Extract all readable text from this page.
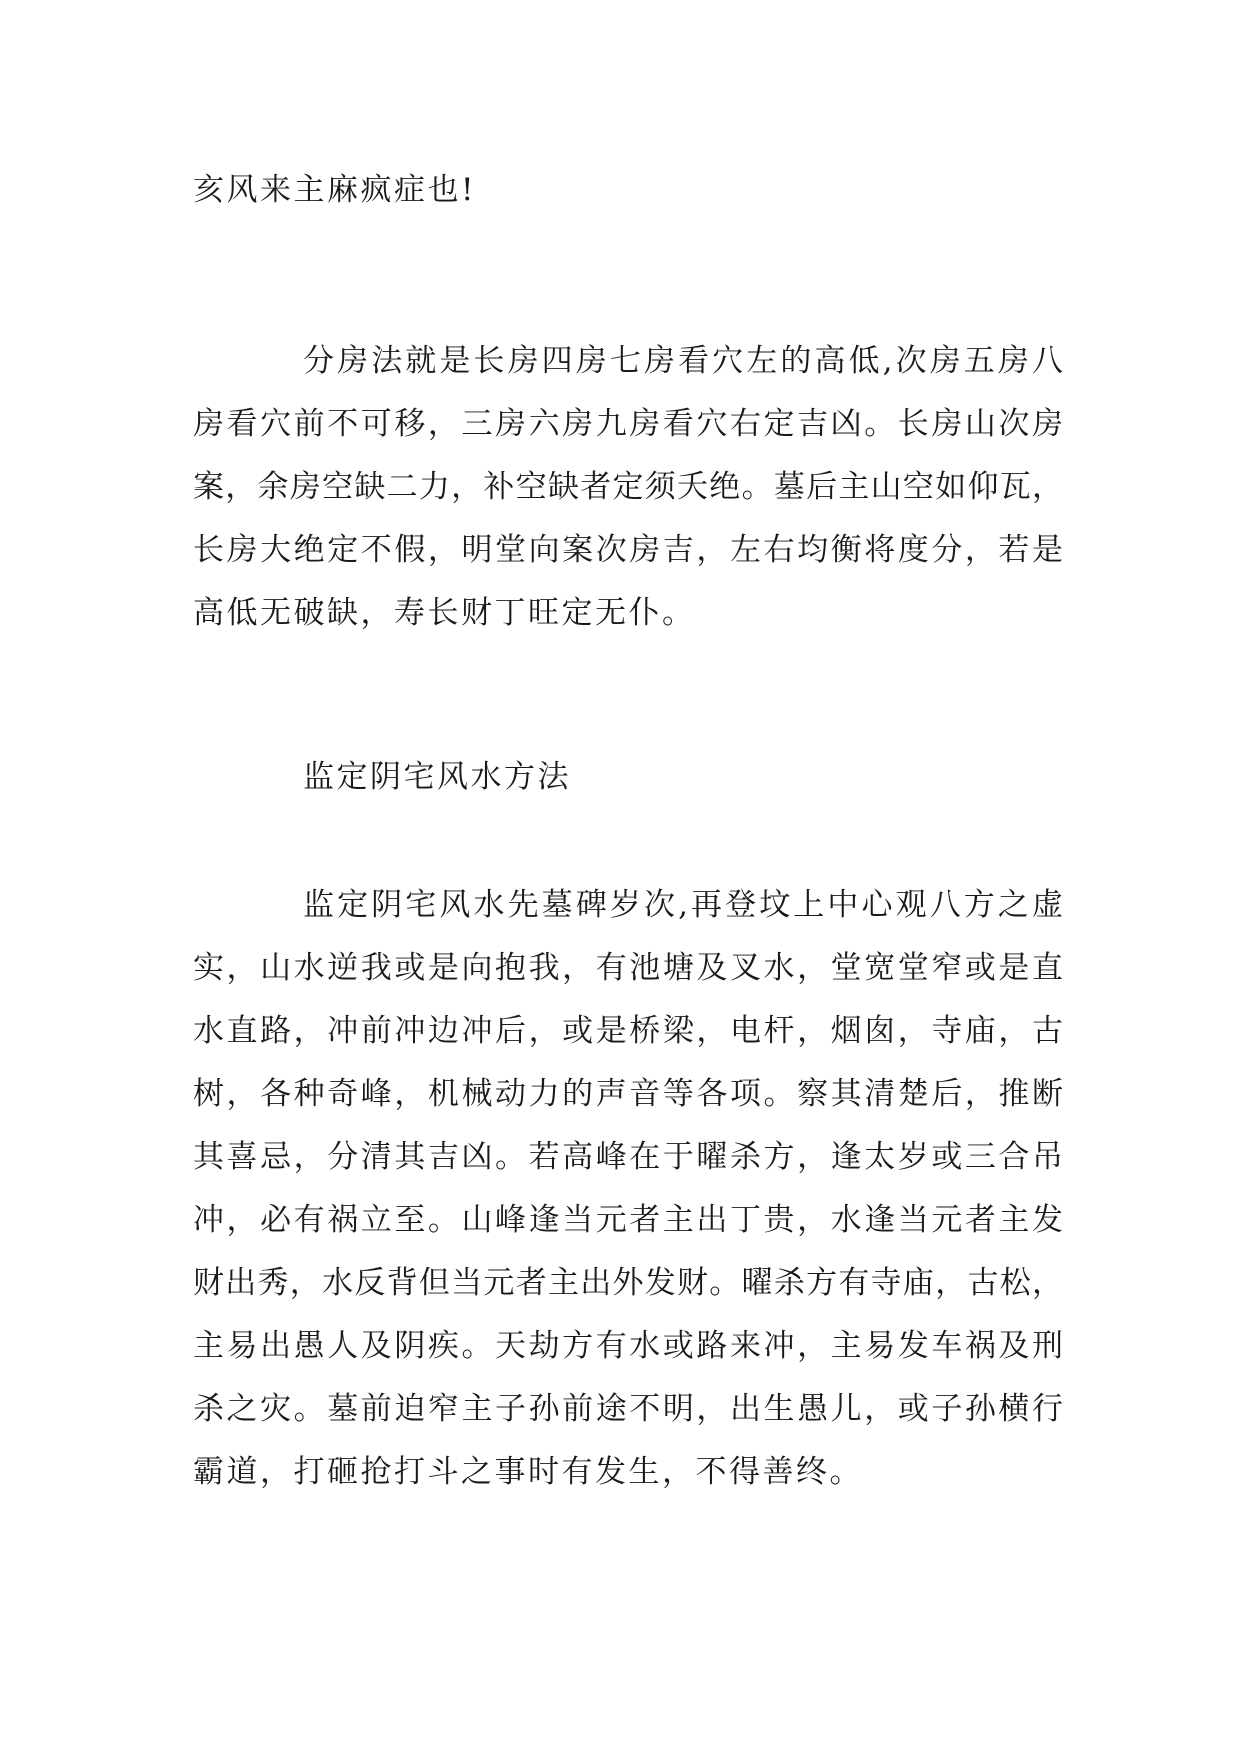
亥风来主麻疯症也!

分房法就是长房四房七房看穴左的高低,次房五房八

房看穴前不可移，三房六房九房看穴右定吉凶。长房山次房

案，余房空缺二力，补空缺者定须夭绝。墓后主山空如仰瓦，

长房大绝定不假，明堂向案次房吉，左右均衡将度分，若是

高低无破缺，寿长财丁旺定无仆。

监定阴宅风水方法

监定阴宅风水先墓碑岁次,再登坟上中心观八方之虚

实，山水逆我或是向抱我，有池塘及叉水，堂宽堂窄或是直

水直路，冲前冲边冲后，或是桥梁，电杆，烟囱，寺庙，古

树，各种奇峰，机械动力的声音等各项。察其清楚后，推断

其喜忌，分清其吉凶。若高峰在于曜杀方，逢太岁或三合吊

冲，必有祸立至。山峰逢当元者主出丁贵，水逢当元者主发

财出秀，水反背但当元者主出外发财。曜杀方有寺庙，古松，

主易出愚人及阴疾。天劫方有水或路来冲，主易发车祸及刑

杀之灾。墓前迫窄主子孙前途不明，出生愚儿，或子孙横行

霸道，打砸抢打斗之事时有发生，不得善终。
